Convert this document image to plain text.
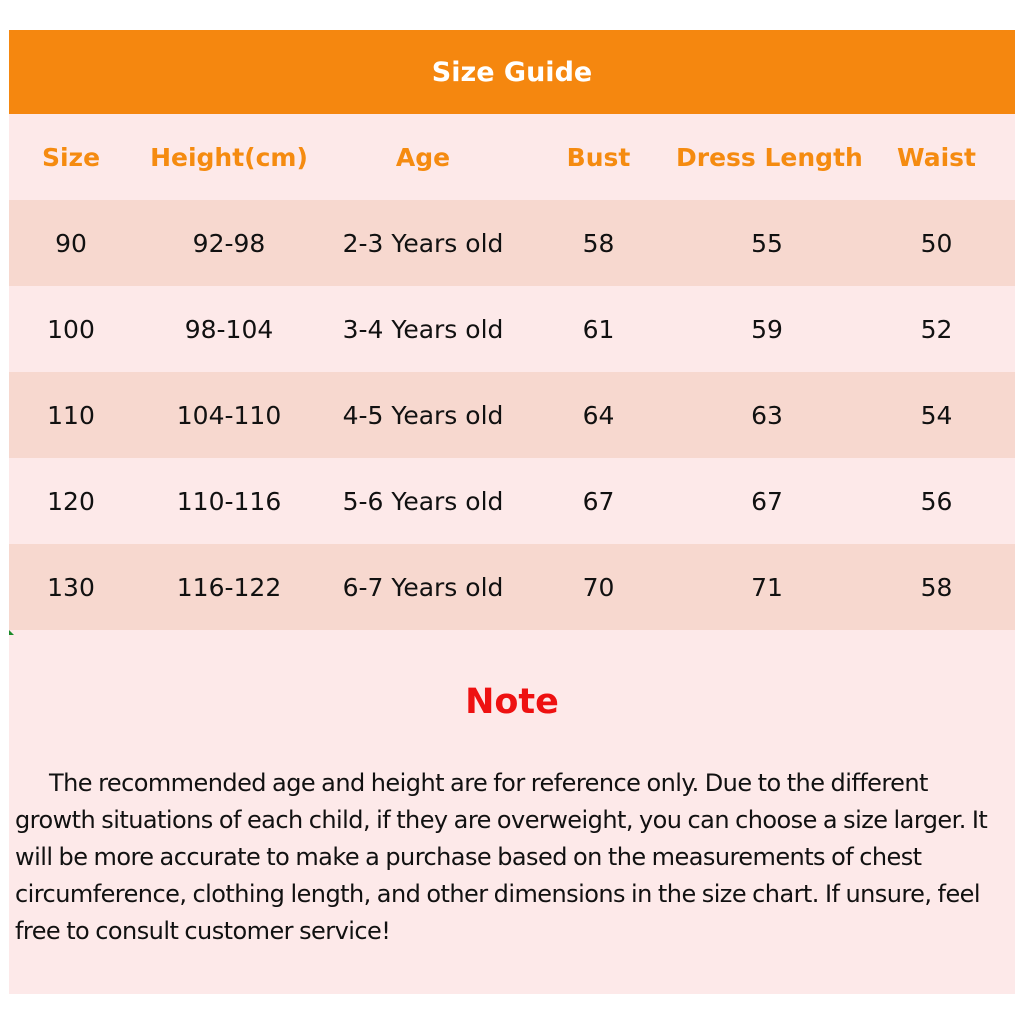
Size Guide
Size	Height(cm)	Age	Bust	Dress Length	Waist
90	92-98	2-3 Years old	58	55	50
100	98-104	3-4 Years old	61	59	52
110	104-110	4-5 Years old	64	63	54
120	110-116	5-6 Years old	67	67	56
130	116-122	6-7 Years old	70	71	58
Note
The recommended age and height are for reference only. Due to the different growth situations of each child, if they are overweight, you can choose a size larger. It will be more accurate to make a purchase based on the measurements of chest circumference, clothing length, and other dimensions in the size chart. If unsure, feel free to consult customer service!
